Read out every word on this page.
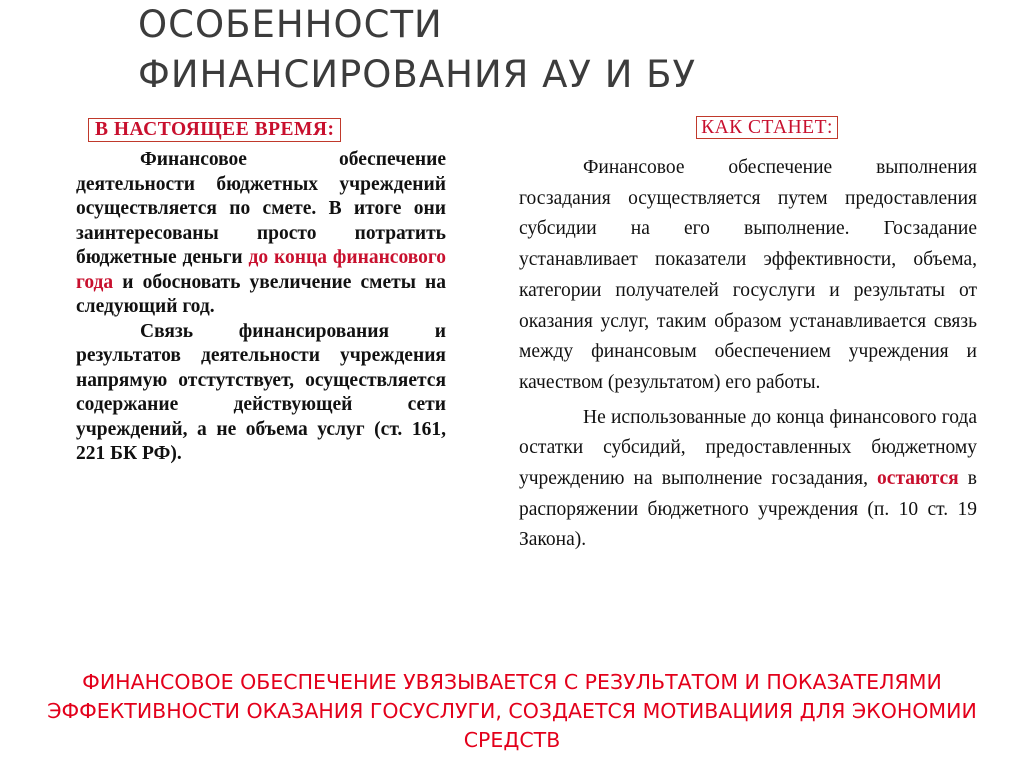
ОСОБЕННОСТИ
ФИНАНСИРОВАНИЯ АУ И БУ
В НАСТОЯЩЕЕ ВРЕМЯ:

Финансовое обеспечение деятельности бюджетных учреждений осуществляется по смете. В итоге они заинтересованы просто потратить бюджетные деньги до конца финансового года и обосновать увеличение сметы на следующий год.

Связь финансирования и результатов деятельности учреждения напрямую отстутствует, осуществляется содержание действующей сети учреждений, а не объема услуг (ст. 161, 221 БК РФ).

КАК СТАНЕТ:

Финансовое обеспечение выполнения госзадания осуществляется путем предоставления субсидии на его выполнение. Госзадание устанавливает показатели эффективности, объема, категории получателей госуслуги и результаты от оказания услуг, таким образом устанавливается связь между финансовым обеспечением учреждения и качеством (результатом) его работы.

Не использованные до конца финансового года остатки субсидий, предоставленных бюджетному учреждению на выполнение госзадания, остаются в распоряжении бюджетного учреждения (п. 10 ст. 19 Закона).

ФИНАНСОВОЕ ОБЕСПЕЧЕНИЕ УВЯЗЫВАЕТСЯ С РЕЗУЛЬТАТОМ И ПОКАЗАТЕЛЯМИ
ЭФФЕКТИВНОСТИ ОКАЗАНИЯ ГОСУСЛУГИ, СОЗДАЕТСЯ МОТИВАЦИИЯ ДЛЯ ЭКОНОМИИ
СРЕДСТВ
